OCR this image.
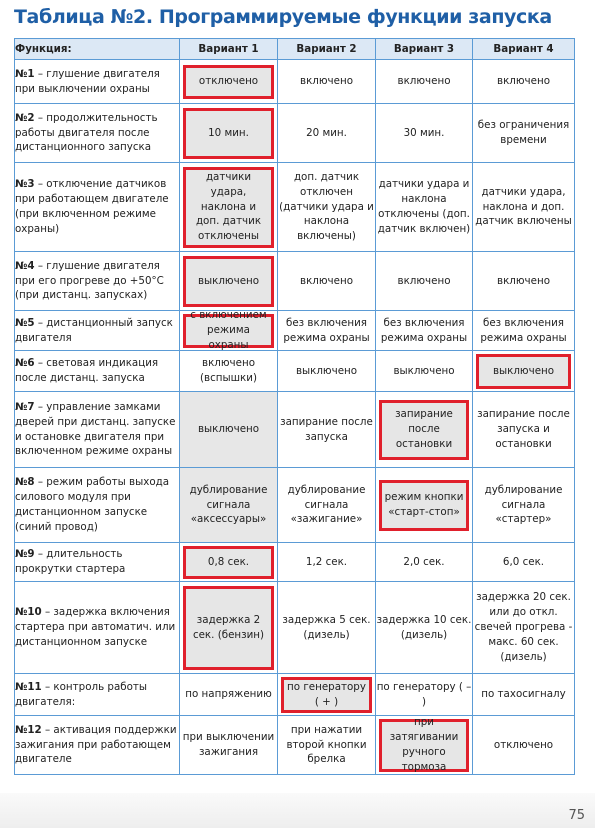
Таблица №2. Программируемые функции запуска
Функция:	Вариант 1	Вариант 2	Вариант 3	Вариант 4
№1 – глушение двигателя при выключении охраны	отключено	включено	включено	включено
№2 – продолжительность работы двигателя после дистанционного запуска	10 мин.	20 мин.	30 мин.	без ограничения времени
№3 – отключение датчиков при работающем двигателе (при включенном режиме охраны)	датчики удара, наклона и доп. датчик отключены	доп. датчик отключен (датчики удара и наклона включены)	датчики удара и наклона отключены (доп. датчик включен)	датчики удара, наклона и доп. датчик включены
№4 – глушение двигателя при его прогреве до +50°C (при дистанц. запусках)	выключено	включено	включено	включено
№5 – дистанционный запуск двигателя	с включением режима охраны	без включения режима охраны	без включения режима охраны	без включения режима охраны
№6 – световая индикация после дистанц. запуска	включено (вспышки)	выключено	выключено	выключено

№7 – управление замками дверей при дистанц. запуске и остановке двигателя при включенном режиме охраны	выключено	запирание после запуска	запирание после остановки	запирание после запуска и остановки
№8 – режим работы выхода силового модуля при дистанционном запуске (синий провод)	дублирование сигнала «аксессуары»	дублирование сигнала «зажигание»	режим кнопки «старт-стоп»	дублирование сигнала «стартер»
№9 – длительность прокрутки стартера	0,8 сек.	1,2 сек.	2,0 сек.	6,0 сек.
№10 – задержка включения стартера при автоматич. или дистанционном запуске	задержка 2 сек. (бензин)	задержка 5 сек. (дизель)	задержка 10 сек. (дизель)	задержка 20 сек. или до откл. свечей прогрева - макс. 60 сек. (дизель)
№11 – контроль работы двигателя:	по напряжению	по генератору ( + )	по генератору ( – )	по тахосигналу
№12 – активация поддержки зажигания при работающем двигателе	при выключении зажигания	при нажатии второй кнопки брелка	при затягивании ручного тормоза	отключено
75
